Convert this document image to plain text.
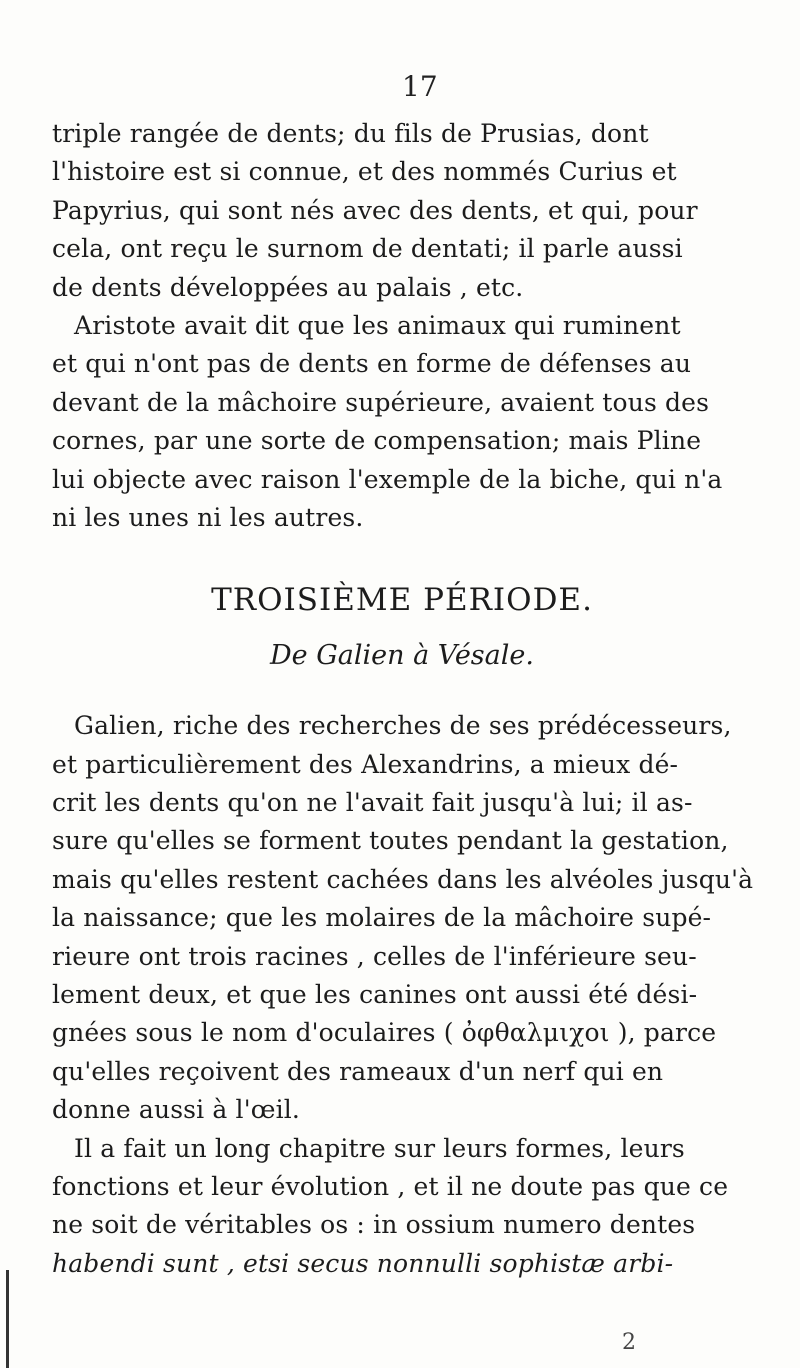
17
triple rangée de dents; du fils de Prusias, dont
l'histoire est si connue, et des nommés Curius et
Papyrius, qui sont nés avec des dents, et qui, pour
cela, ont reçu le surnom de dentati; il parle aussi
de dents développées au palais , etc.
Aristote avait dit que les animaux qui ruminent
et qui n'ont pas de dents en forme de défenses au
devant de la mâchoire supérieure, avaient tous des
cornes, par une sorte de compensation; mais Pline
lui objecte avec raison l'exemple de la biche, qui n'a
ni les unes ni les autres.
TROISIÈME PÉRIODE.
De Galien à Vésale.
Galien, riche des recherches de ses prédécesseurs,
et particulièrement des Alexandrins, a mieux dé-
crit les dents qu'on ne l'avait fait jusqu'à lui; il as-
sure qu'elles se forment toutes pendant la gestation,
mais qu'elles restent cachées dans les alvéoles jusqu'à
la naissance; que les molaires de la mâchoire supé-
rieure ont trois racines , celles de l'inférieure seu-
lement deux, et que les canines ont aussi été dési-
gnées sous le nom d'oculaires ( ὀφθαλμιχοι ), parce
qu'elles reçoivent des rameaux d'un nerf qui en
donne aussi à l'œil.
Il a fait un long chapitre sur leurs formes, leurs
fonctions et leur évolution , et il ne doute pas que ce
ne soit de véritables os : in ossium numero dentes
habendi sunt , etsi secus nonnulli sophistæ arbi-
2
